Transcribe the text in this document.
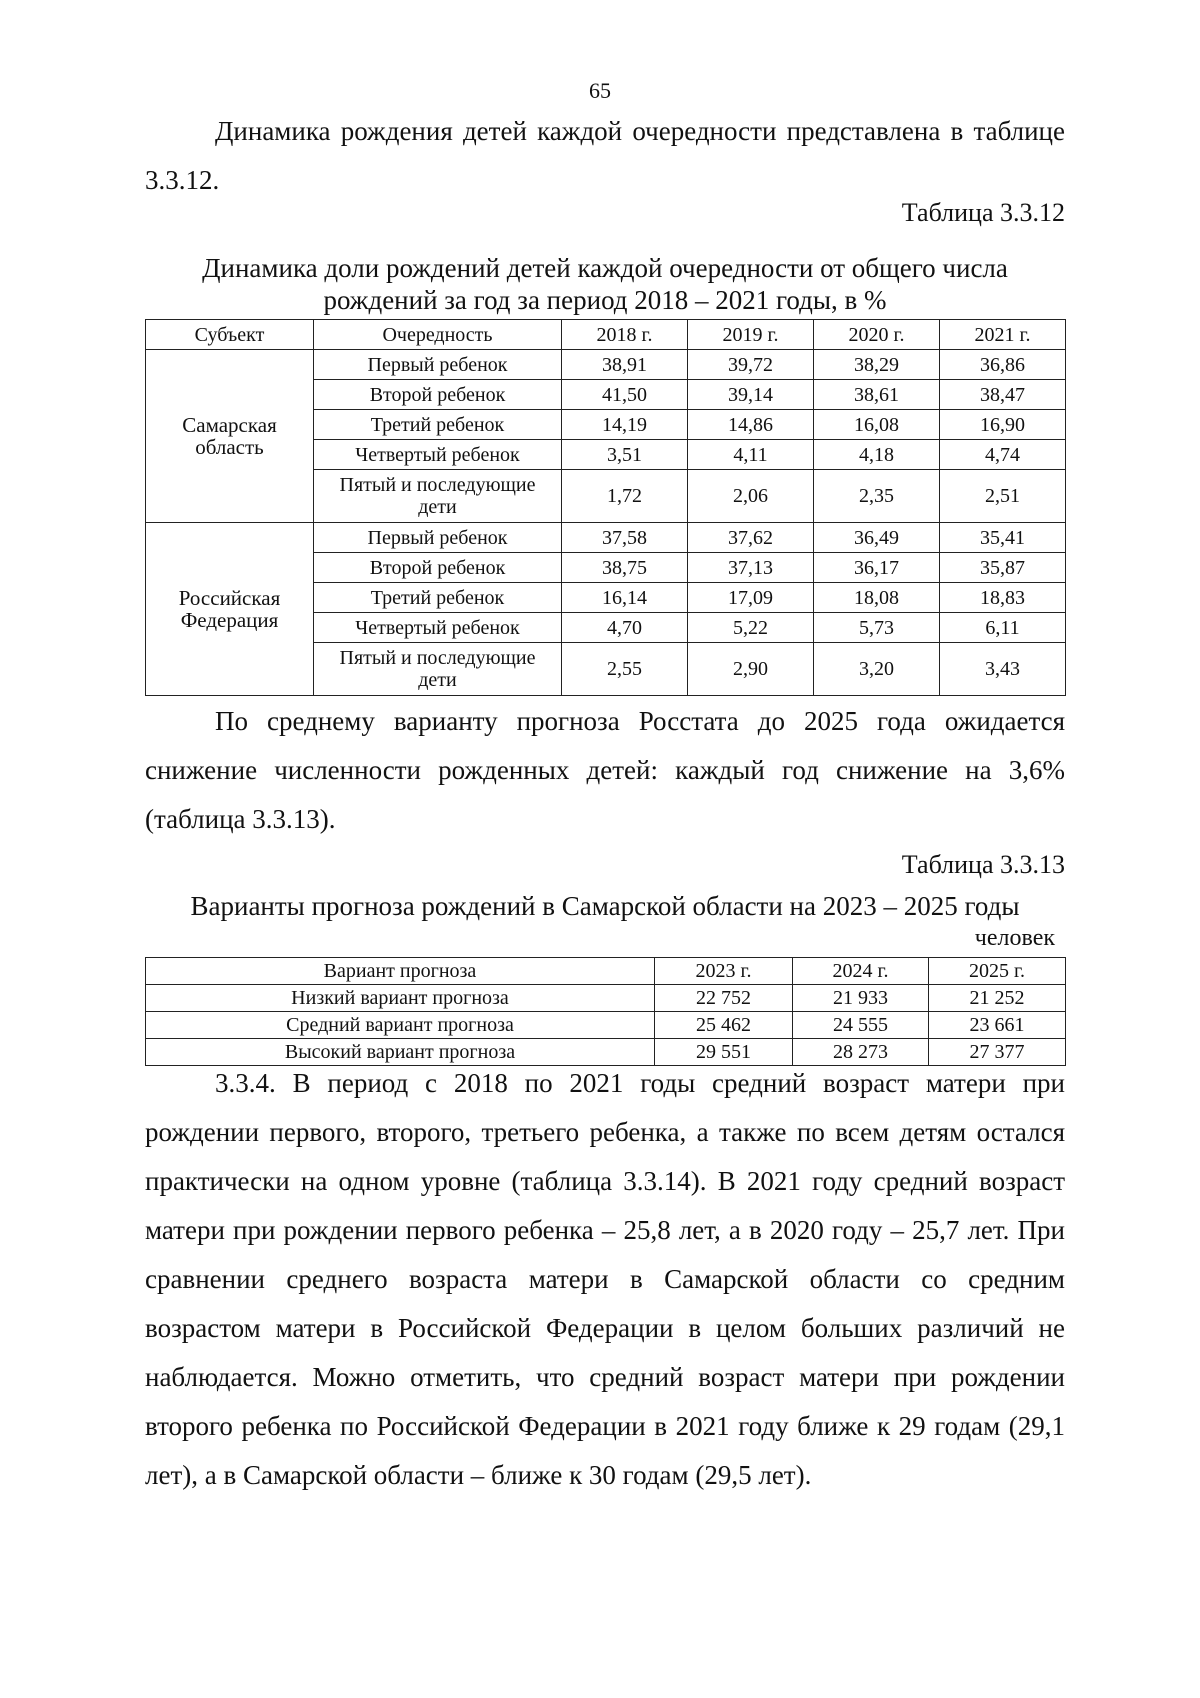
65

Динамика рождения детей каждой очередности представлена в таблице 3.3.12.

Таблица 3.3.12

Динамика доли рождений детей каждой очередности от общего числа рождений за год за период 2018 – 2021 годы, в %

Субъект	Очередность	2018 г.	2019 г.	2020 г.	2021 г.
Самарская область	Первый ребенок	38,91	39,72	38,29	36,86
	Второй ребенок	41,50	39,14	38,61	38,47
	Третий ребенок	14,19	14,86	16,08	16,90
	Четвертый ребенок	3,51	4,11	4,18	4,74
	Пятый и последующие дети	1,72	2,06	2,35	2,51
Российская Федерация	Первый ребенок	37,58	37,62	36,49	35,41
	Второй ребенок	38,75	37,13	36,17	35,87
	Третий ребенок	16,14	17,09	18,08	18,83
	Четвертый ребенок	4,70	5,22	5,73	6,11
	Пятый и последующие дети	2,55	2,90	3,20	3,43

По среднему варианту прогноза Росстата до 2025 года ожидается снижение численности рожденных детей: каждый год снижение на 3,6% (таблица 3.3.13).

Таблица 3.3.13

Варианты прогноза рождений в Самарской области на 2023 – 2025 годы

человек
Вариант прогноза	2023 г.	2024 г.	2025 г.
Низкий вариант прогноза	22 752	21 933	21 252
Средний вариант прогноза	25 462	24 555	23 661
Высокий вариант прогноза	29 551	28 273	27 377

3.3.4. В период с 2018 по 2021 годы средний возраст матери при рождении первого, второго, третьего ребенка, а также по всем детям остался практически на одном уровне (таблица 3.3.14). В 2021 году средний возраст матери при рождении первого ребенка – 25,8 лет, а в 2020 году – 25,7 лет. При сравнении среднего возраста матери в Самарской области со средним возрастом матери в Российской Федерации в целом больших различий не наблюдается. Можно отметить, что средний возраст матери при рождении второго ребенка по Российской Федерации в 2021 году ближе к 29 годам (29,1 лет), а в Самарской области – ближе к 30 годам (29,5 лет).
